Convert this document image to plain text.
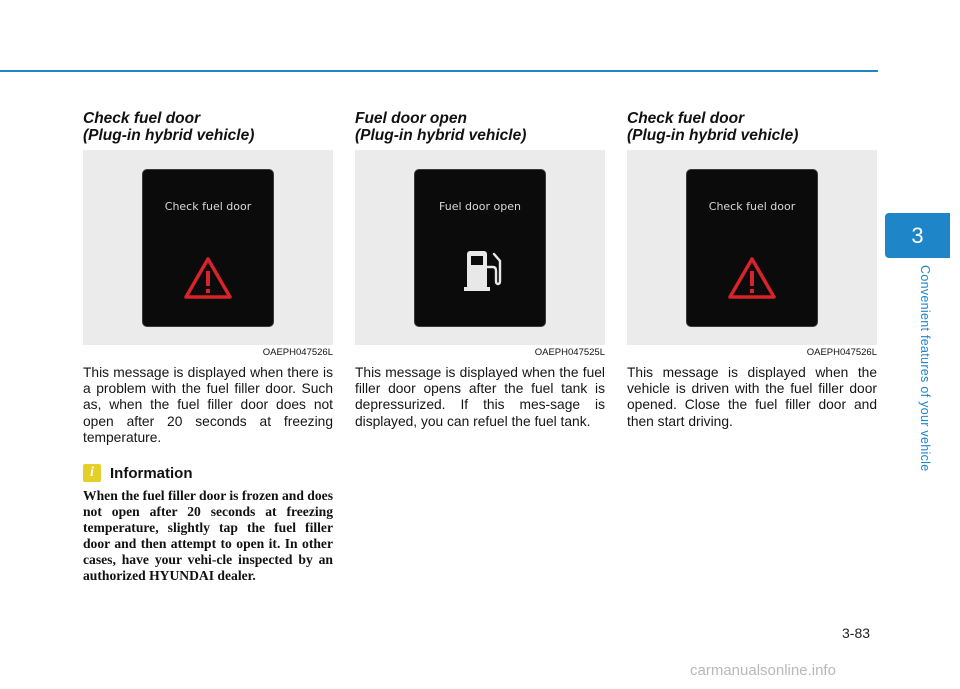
Check fuel door
(Plug-in hybrid vehicle)
Check fuel door
OAEPH047526L

This message is displayed when there is a problem with the fuel filler door. Such as, when the fuel filler door does not open after 20 seconds at freezing temperature.

i	Information

When the fuel filler door is frozen and does not open after 20 seconds at freezing temperature, slightly tap the fuel filler door and then attempt to open it. In other cases, have your vehi-cle inspected by an authorized HYUNDAI dealer.

Fuel door open
(Plug-in hybrid vehicle)
Fuel door open
OAEPH047525L

This message is displayed when the fuel filler door opens after the fuel tank is depressurized. If this mes-sage is displayed, you can refuel the fuel tank.

Check fuel door
(Plug-in hybrid vehicle)
Check fuel door
OAEPH047526L

This message is displayed when the vehicle is driven with the fuel filler door opened. Close the fuel filler door and then start driving.

3
Convenient features of your vehicle
3-83
carmanualsonline.info
